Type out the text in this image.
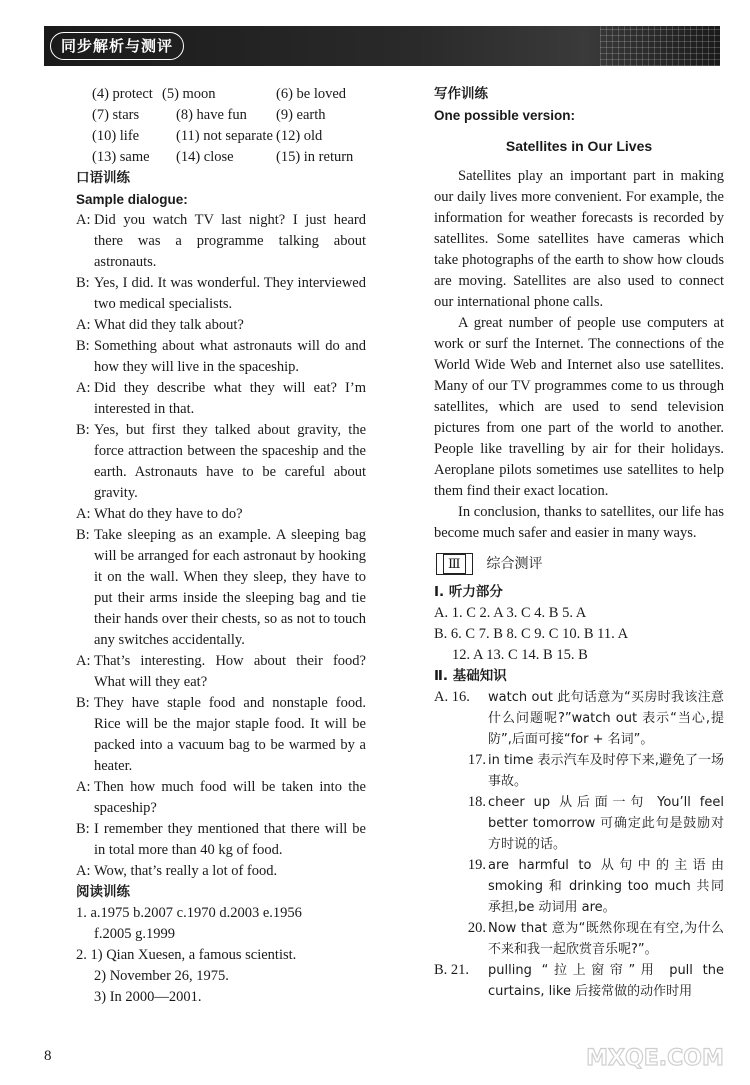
同步解析与测评
(4) protect (5) moon	(6) be loved
(7) stars	(8) have fun	(9) earth
(10) life	(11) not separate (12) old
(13) same	(14) close	(15) in return
口语训练
Sample dialogue:
A: Did you watch TV last night? I just heard there was a programme talking about astronauts.
B: Yes, I did. It was wonderful. They interviewed two medical specialists.
A: What did they talk about?
B: Something about what astronauts will do and how they will live in the spaceship.
A: Did they describe what they will eat? I’m interested in that.
B: Yes, but first they talked about gravity, the force attraction between the spaceship and the earth. Astronauts have to be careful about gravity.
A: What do they have to do?
B: Take sleeping as an example. A sleeping bag will be arranged for each astronaut by hooking it on the wall. When they sleep, they have to put their arms inside the sleeping bag and tie their hands over their chests, so as not to touch any switches accidentally.
A: That’s interesting. How about their food? What will they eat?
B: They have staple food and nonstaple food. Rice will be the major staple food. It will be packed into a vacuum bag to be warmed by a heater.
A: Then how much food will be taken into the spaceship?
B: I remember they mentioned that there will be in total more than 40 kg of food.
A: Wow, that’s really a lot of food.
阅读训练
1. a.1975 b.2007 c.1970 d.2003 e.1956
f.2005 g.1999
2. 1) Qian Xuesen, a famous scientist.
2) November 26, 1975.
3) In 2000—2001.
写作训练
One possible version:
Satellites in Our Lives

Satellites play an important part in making our daily lives more convenient. For example, the information for weather forecasts is recorded by satellites. Some satellites have cameras which take photographs of the earth to show how clouds are moving. Satellites are also used to connect our international phone calls.

A great number of people use computers at work or surf the Internet. The connections of the World Wide Web and Internet also use satellites. Many of our TV programmes come to us through satellites, which are used to send television pictures from one part of the world to another. People like travelling by air for their holidays. Aeroplane pilots sometimes use satellites to help them find their exact location.

In conclusion, thanks to satellites, our life has become much safer and easier in many ways.

Ⅲ	综合测评
Ⅰ. 听力部分
A. 1. C 2. A 3. C 4. B 5. A
B. 6. C 7. B 8. C 9. C 10. B 11. A
12. A 13. C 14. B 15. B
Ⅱ. 基础知识
A. 16.	watch out 此句话意为“买房时我该注意什么问题呢?”watch out 表示“当心,提防”,后面可接“for + 名词”。
17. in time 表示汽车及时停下来,避免了一场事故。
18. cheer up 从后面一句 You’ll feel better tomorrow 可确定此句是鼓励对方时说的话。
19. are harmful to 从句中的主语由 smoking 和 drinking too much 共同承担,be 动词用 are。
20. Now that 意为“既然你现在有空,为什么不来和我一起欣赏音乐呢?”。
B. 21.	pulling “拉上窗帘”用 pull the curtains, like 后接常做的动作时用
8	MXQE.COM
